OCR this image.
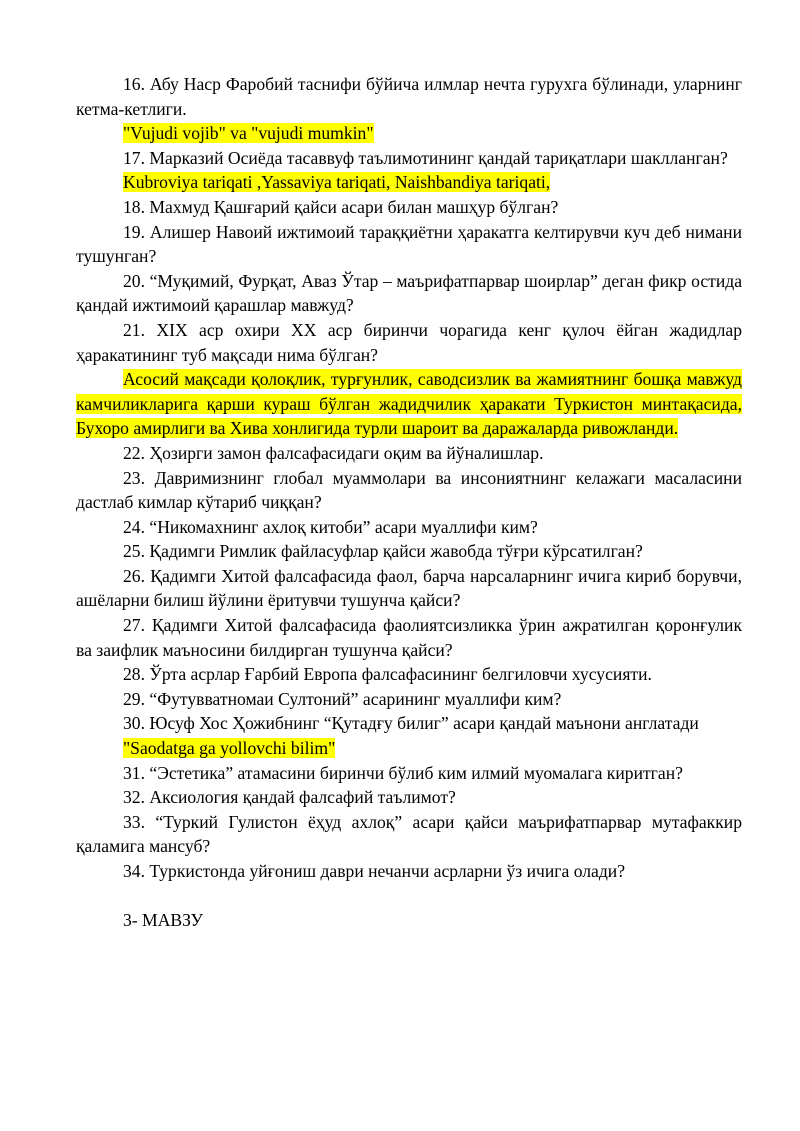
16. Абу Наср Фаробий таснифи бўйича илмлар нечта гурухга бўлинади, уларнинг кетма-кетлиги.

"Vujudi vojib" va "vujudi mumkin"

17. Марказий Осиёда тасаввуф таълимотининг қандай тариқатлари шаклланган?

Kubroviya tariqati ,Yassaviya tariqati, Naishbandiya tariqati,

18. Махмуд Қашғарий қайси асари билан машҳур бўлган?

19. Алишер Навоий ижтимоий тараққиётни ҳаракатга келтирувчи куч деб нимани тушунган?

20. “Муқимий, Фурқат, Аваз Ўтар – маърифатпарвар шоирлар” деган фикр остида қандай ижтимоий қарашлар мавжуд?

21. XIX аср охири XX аср биринчи чорагида кенг қулоч ёйган жадидлар ҳаракатининг туб мақсади нима бўлган?

Асосий мақсади қолоқлик, турғунлик, саводсизлик ва жамиятнинг бошқа мавжуд камчиликларига қарши кураш бўлган жадидчилик ҳаракати Туркистон минтақасида, Бухоро амирлиги ва Хива хонлигида турли шароит ва даражаларда ривожланди.

22. Ҳозирги замон фалсафасидаги оқим ва йўналишлар.

23. Давримизнинг глобал муаммолари ва инсониятнинг келажаги масаласини дастлаб кимлар кўтариб чиққан?

24. “Никомахнинг ахлоқ китоби” асари муаллифи ким?

25. Қадимги Римлик файласуфлар қайси жавобда тўғри кўрсатилган?

26. Қадимги Хитой фалсафасида фаол, барча нарсаларнинг ичига кириб борувчи, ашёларни билиш йўлини ёритувчи тушунча қайси?

27. Қадимги Хитой фалсафасида фаолиятсизликка ўрин ажратилган қоронғулик ва заифлик маъносини билдирган тушунча қайси?

28. Ўрта асрлар Ғарбий Европа фалсафасининг белгиловчи хусусияти.

29. “Футувватномаи Султоний” асарининг муаллифи ким?

30. Юсуф Хос Ҳожибнинг “Қутадғу билиг” асари қандай маънони англатади

"Saodatga ga yollovchi bilim"

31. “Эстетика” атамасини биринчи бўлиб ким илмий муомалага киритган?

32. Аксиология қандай фалсафий таълимот?

33. “Туркий Гулистон ёҳуд ахлоқ” асари қайси маърифатпарвар мутафаккир қаламига мансуб?

34. Туркистонда уйғониш даври нечанчи асрларни ўз ичига олади?

3- МАВЗУ
